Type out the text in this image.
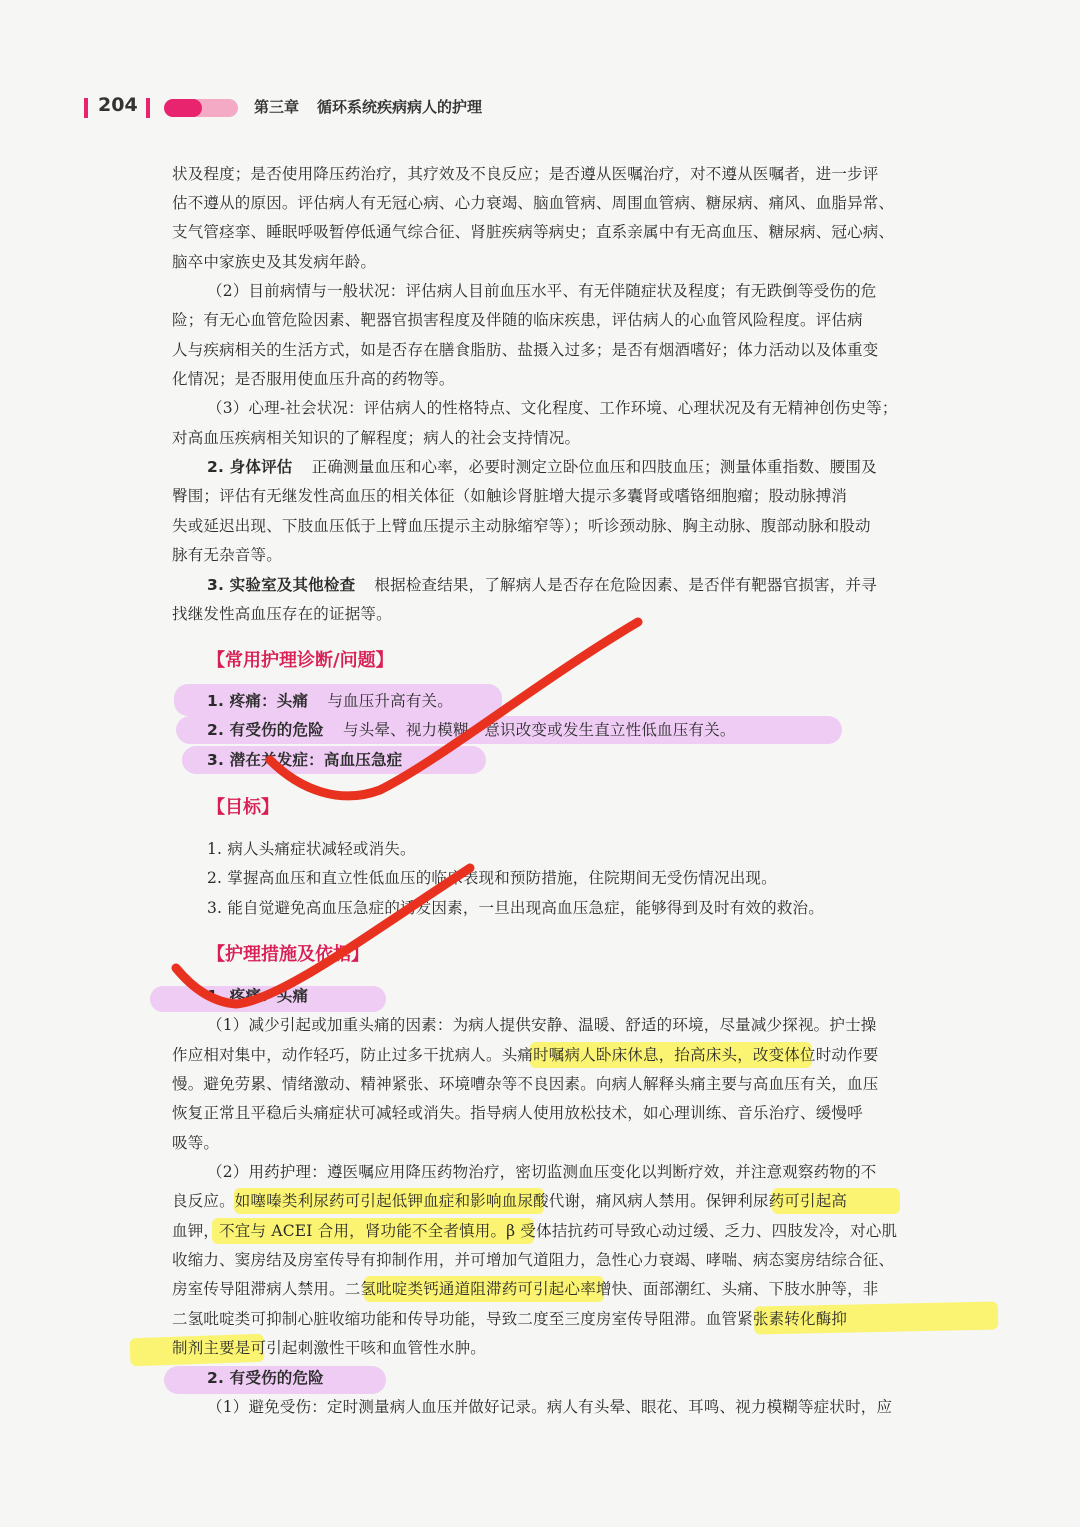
204	第三章 循环系统疾病病人的护理
状及程度；是否使用降压药治疗，其疗效及不良反应；是否遵从医嘱治疗，对不遵从医嘱者，进一步评
估不遵从的原因。评估病人有无冠心病、心力衰竭、脑血管病、周围血管病、糖尿病、痛风、血脂异常、
支气管痉挛、睡眠呼吸暂停低通气综合征、肾脏疾病等病史；直系亲属中有无高血压、糖尿病、冠心病、
脑卒中家族史及其发病年龄。
（2）目前病情与一般状况：评估病人目前血压水平、有无伴随症状及程度；有无跌倒等受伤的危
险；有无心血管危险因素、靶器官损害程度及伴随的临床疾患，评估病人的心血管风险程度。评估病
人与疾病相关的生活方式，如是否存在膳食脂肪、盐摄入过多；是否有烟酒嗜好；体力活动以及体重变
化情况；是否服用使血压升高的药物等。
（3）心理-社会状况：评估病人的性格特点、文化程度、工作环境、心理状况及有无精神创伤史等；
对高血压疾病相关知识的了解程度；病人的社会支持情况。
2. 身体评估 正确测量血压和心率，必要时测定立卧位血压和四肢血压；测量体重指数、腰围及
臀围；评估有无继发性高血压的相关体征（如触诊肾脏增大提示多囊肾或嗜铬细胞瘤；股动脉搏消
失或延迟出现、下肢血压低于上臂血压提示主动脉缩窄等）；听诊颈动脉、胸主动脉、腹部动脉和股动
脉有无杂音等。
3. 实验室及其他检查 根据检查结果，了解病人是否存在危险因素、是否伴有靶器官损害，并寻
找继发性高血压存在的证据等。
【常用护理诊断/问题】
1. 疼痛：头痛 与血压升高有关。
2. 有受伤的危险 与头晕、视力模糊、意识改变或发生直立性低血压有关。
3. 潜在并发症：高血压急症
【目标】
1. 病人头痛症状减轻或消失。
2. 掌握高血压和直立性低血压的临床表现和预防措施，住院期间无受伤情况出现。
3. 能自觉避免高血压急症的诱发因素，一旦出现高血压急症，能够得到及时有效的救治。
【护理措施及依据】
1. 疼痛：头痛
（1）减少引起或加重头痛的因素：为病人提供安静、温暖、舒适的环境，尽量减少探视。护士操
作应相对集中，动作轻巧，防止过多干扰病人。头痛时嘱病人卧床休息，抬高床头，改变体位时动作要
慢。避免劳累、情绪激动、精神紧张、环境嘈杂等不良因素。向病人解释头痛主要与高血压有关，血压
恢复正常且平稳后头痛症状可减轻或消失。指导病人使用放松技术，如心理训练、音乐治疗、缓慢呼
吸等。
（2）用药护理：遵医嘱应用降压药物治疗，密切监测血压变化以判断疗效，并注意观察药物的不
良反应。如噻嗪类利尿药可引起低钾血症和影响血尿酸代谢，痛风病人禁用。保钾利尿药可引起高
血钾，不宜与 ACEI 合用，肾功能不全者慎用。β 受体拮抗药可导致心动过缓、乏力、四肢发冷，对心肌
收缩力、窦房结及房室传导有抑制作用，并可增加气道阻力，急性心力衰竭、哮喘、病态窦房结综合征、
房室传导阻滞病人禁用。二氢吡啶类钙通道阻滞药可引起心率增快、面部潮红、头痛、下肢水肿等，非
二氢吡啶类可抑制心脏收缩功能和传导功能，导致二度至三度房室传导阻滞。血管紧张素转化酶抑
制剂主要是可引起刺激性干咳和血管性水肿。
2. 有受伤的危险
（1）避免受伤：定时测量病人血压并做好记录。病人有头晕、眼花、耳鸣、视力模糊等症状时，应
